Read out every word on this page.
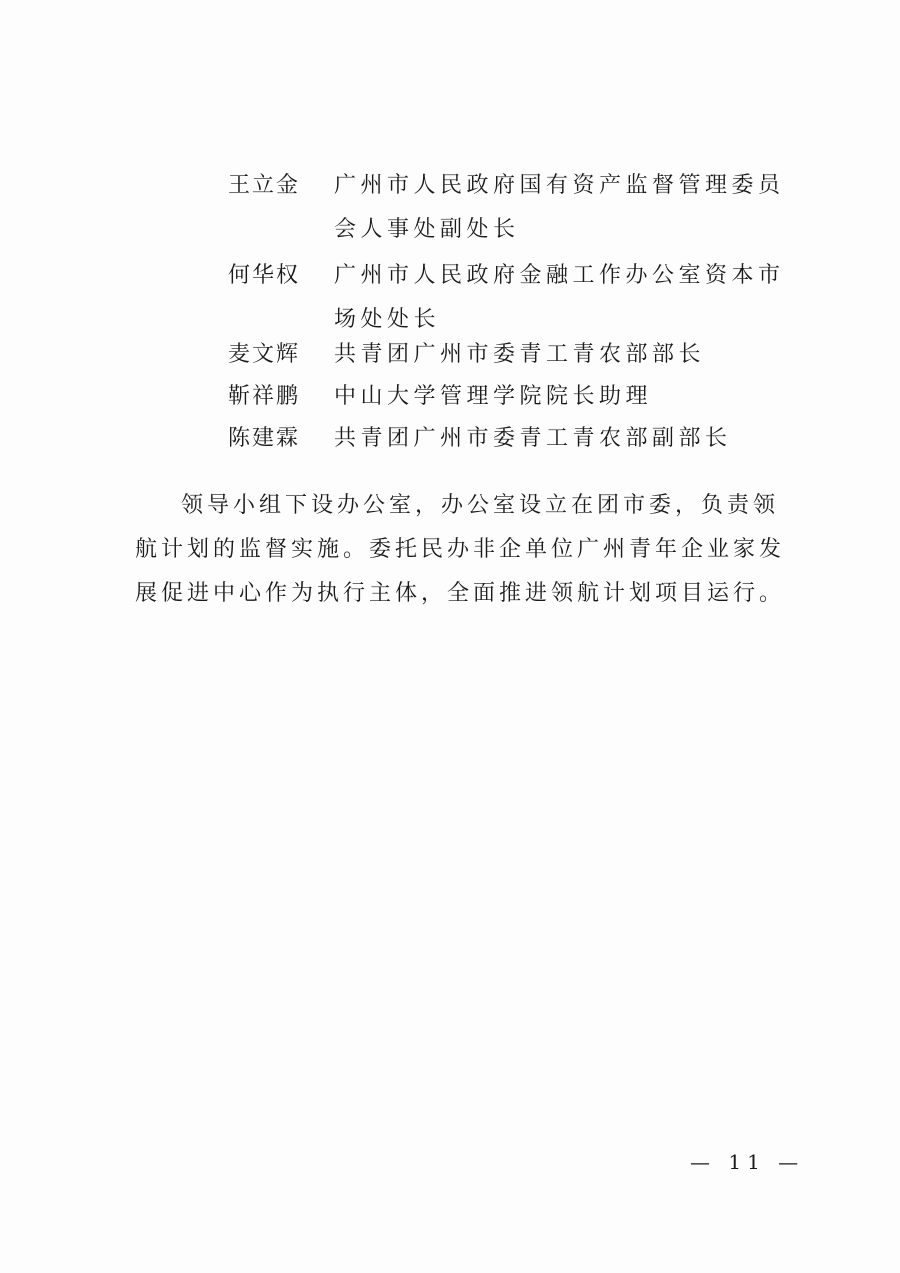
王立金	广州市人民政府国有资产监督管理委员会人事处副处长
何华权	广州市人民政府金融工作办公室资本市场处处长
麦文辉	共青团广州市委青工青农部部长
靳祥鹏	中山大学管理学院院长助理
陈建霖	共青团广州市委青工青农部副部长

领导小组下设办公室，办公室设立在团市委，负责领航计划的监督实施。委托民办非企单位广州青年企业家发展促进中心作为执行主体，全面推进领航计划项目运行。

— 11 —
